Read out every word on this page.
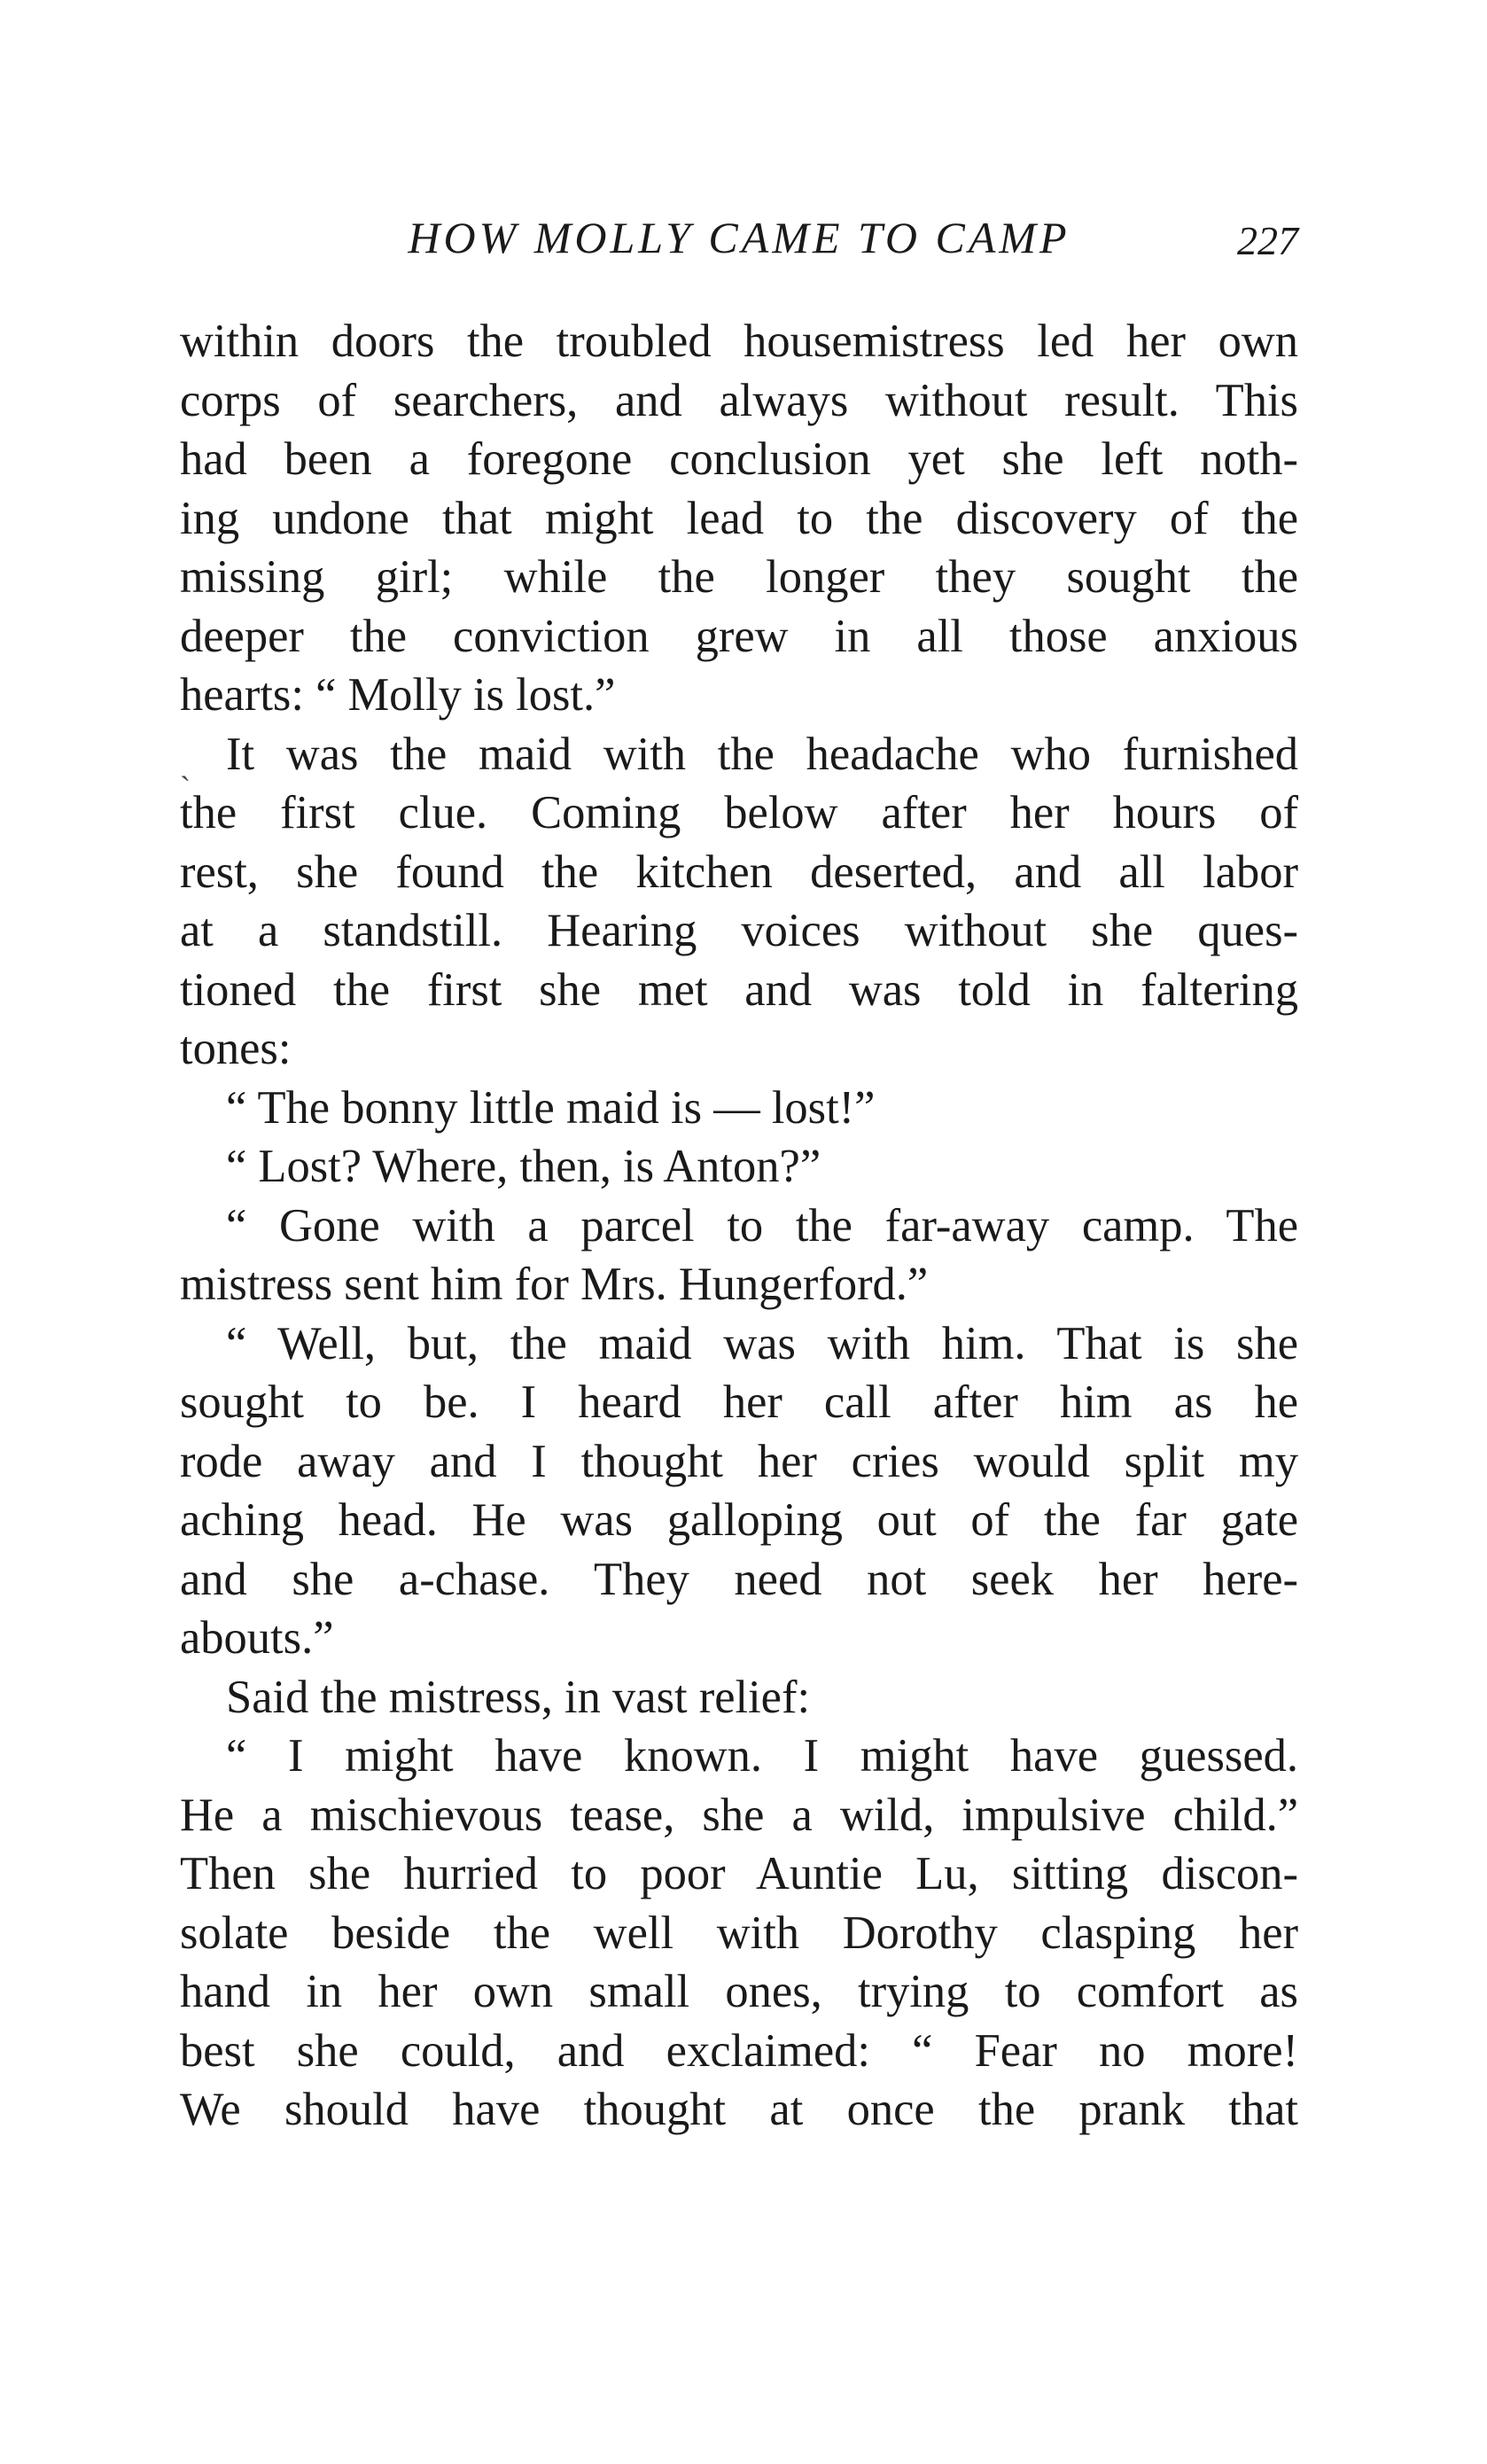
HOW MOLLY CAME TO CAMP	227
ˏ
within doors the troubled housemistress led her own
corps of searchers, and always without result. This
had been a foregone conclusion yet she left noth-
ing undone that might lead to the discovery of the
missing girl; while the longer they sought the
deeper the conviction grew in all those anxious
hearts: “ Molly is lost.”
It was the maid with the headache who furnished
the first clue. Coming below after her hours of
rest, she found the kitchen deserted, and all labor
at a standstill. Hearing voices without she ques-
tioned the first she met and was told in faltering
tones:
“ The bonny little maid is — lost!”
“ Lost? Where, then, is Anton?”
“ Gone with a parcel to the far-away camp. The
mistress sent him for Mrs. Hungerford.”
“ Well, but, the maid was with him. That is she
sought to be. I heard her call after him as he
rode away and I thought her cries would split my
aching head. He was galloping out of the far gate
and she a-chase. They need not seek her here-
abouts.”
Said the mistress, in vast relief:
“ I might have known. I might have guessed.
He a mischievous tease, she a wild, impulsive child.”
Then she hurried to poor Auntie Lu, sitting discon-
solate beside the well with Dorothy clasping her
hand in her own small ones, trying to comfort as
best she could, and exclaimed: “ Fear no more!
We should have thought at once the prank that
